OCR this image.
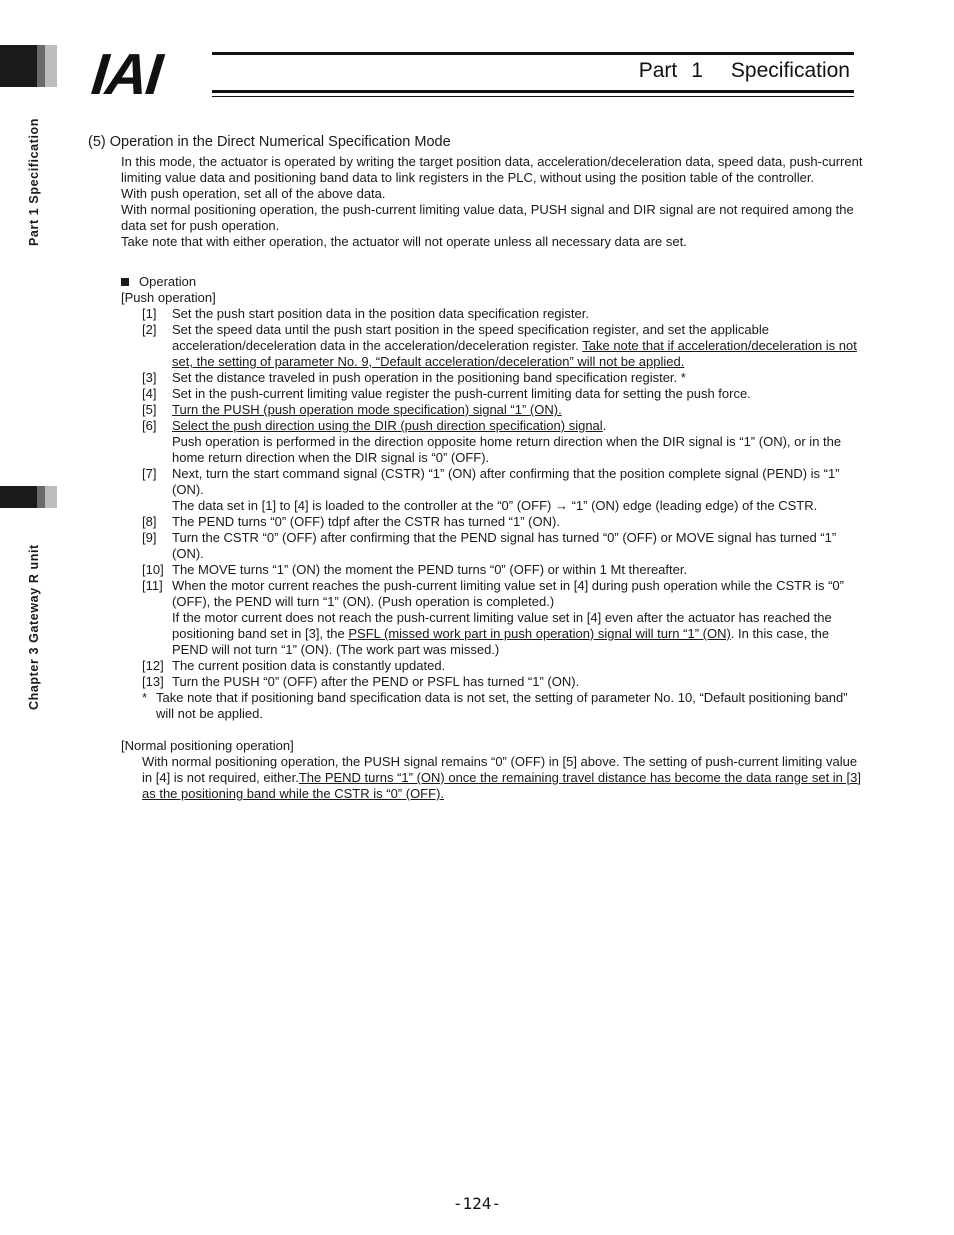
Part 1 Specification
Chapter 3 Gateway R unit
IAI	Part 1 Specification
(5) Operation in the Direct Numerical Specification Mode
In this mode, the actuator is operated by writing the target position data, acceleration/deceleration data, speed data, push-current limiting value data and positioning band data to link registers in the PLC, without using the position table of the controller.
With push operation, set all of the above data.
With normal positioning operation, the push-current limiting value data, PUSH signal and DIR signal are not required among the data set for push operation.
Take note that with either operation, the actuator will not operate unless all necessary data are set.
Operation
[Push operation]
[1]	Set the push start position data in the position data specification register.
[2]	Set the speed data until the push start position in the speed specification register, and set the applicable acceleration/deceleration data in the acceleration/deceleration register. Take note that if acceleration/deceleration is not set, the setting of parameter No. 9, “Default acceleration/deceleration” will not be applied.
[3]	Set the distance traveled in push operation in the positioning band specification register. *
[4]	Set in the push-current limiting value register the push-current limiting data for setting the push force.
[5]	Turn the PUSH (push operation mode specification) signal “1” (ON).
[6]	Select the push direction using the DIR (push direction specification) signal.
Push operation is performed in the direction opposite home return direction when the DIR signal is “1” (ON), or in the home return direction when the DIR signal is “0” (OFF).
[7]	Next, turn the start command signal (CSTR) “1” (ON) after confirming that the position complete signal (PEND) is “1” (ON).
The data set in [1] to [4] is loaded to the controller at the “0” (OFF) → “1” (ON) edge (leading edge) of the CSTR.
[8]	The PEND turns “0” (OFF) tdpf after the CSTR has turned “1” (ON).
[9]	Turn the CSTR “0” (OFF) after confirming that the PEND signal has turned “0” (OFF) or MOVE signal has turned “1” (ON).
[10] The MOVE turns “1” (ON) the moment the PEND turns “0” (OFF) or within 1 Mt thereafter.
[11] When the motor current reaches the push-current limiting value set in [4] during push operation while the CSTR is “0” (OFF), the PEND will turn “1” (ON). (Push operation is completed.)
If the motor current does not reach the push-current limiting value set in [4] even after the actuator has reached the positioning band set in [3], the PSFL (missed work part in push operation) signal will turn “1” (ON). In this case, the PEND will not turn “1” (ON). (The work part was missed.)
[12] The current position data is constantly updated.
[13] Turn the PUSH “0” (OFF) after the PEND or PSFL has turned “1” (ON).
* Take note that if positioning band specification data is not set, the setting of parameter No. 10, “Default positioning band” will not be applied.
[Normal positioning operation]
With normal positioning operation, the PUSH signal remains “0” (OFF) in [5] above. The setting of push-current limiting value in [4] is not required, either.The PEND turns “1” (ON) once the remaining travel distance has become the data range set in [3] as the positioning band while the CSTR is “0” (OFF).
-124-
